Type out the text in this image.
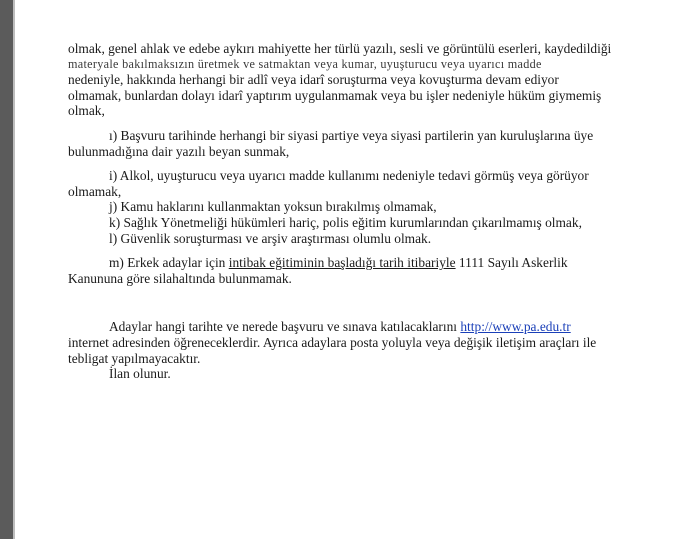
olmak, genel ahlak ve edebe aykırı mahiyette her türlü yazılı, sesli ve görüntülü eserleri, kaydedildiği

materyale bakılmaksızın üretmek ve satmaktan veya kumar, uyuşturucu veya uyarıcı madde

nedeniyle, hakkında herhangi bir adlî veya idarî soruşturma veya kovuşturma devam ediyor

olmamak, bunlardan dolayı idarî yaptırım uygulanmamak veya bu işler nedeniyle hüküm giymemiş

olmak,

ı) Başvuru tarihinde herhangi bir siyasi partiye veya siyasi partilerin yan kuruluşlarına üye

bulunmadığına dair yazılı beyan sunmak,

i) Alkol, uyuşturucu veya uyarıcı madde kullanımı nedeniyle tedavi görmüş veya görüyor

olmamak,

j) Kamu haklarını kullanmaktan yoksun bırakılmış olmamak,

k) Sağlık Yönetmeliği hükümleri hariç, polis eğitim kurumlarından çıkarılmamış olmak,

l) Güvenlik soruşturması ve arşiv araştırması olumlu olmak.

m) Erkek adaylar için intibak eğitiminin başladığı tarih itibariyle 1111 Sayılı Askerlik

Kanununa göre silahaltında bulunmamak.

Adaylar hangi tarihte ve nerede başvuru ve sınava katılacaklarını http://www.pa.edu.tr

internet adresinden öğreneceklerdir. Ayrıca adaylara posta yoluyla veya değişik iletişim araçları ile

tebligat yapılmayacaktır.

İlan olunur.
